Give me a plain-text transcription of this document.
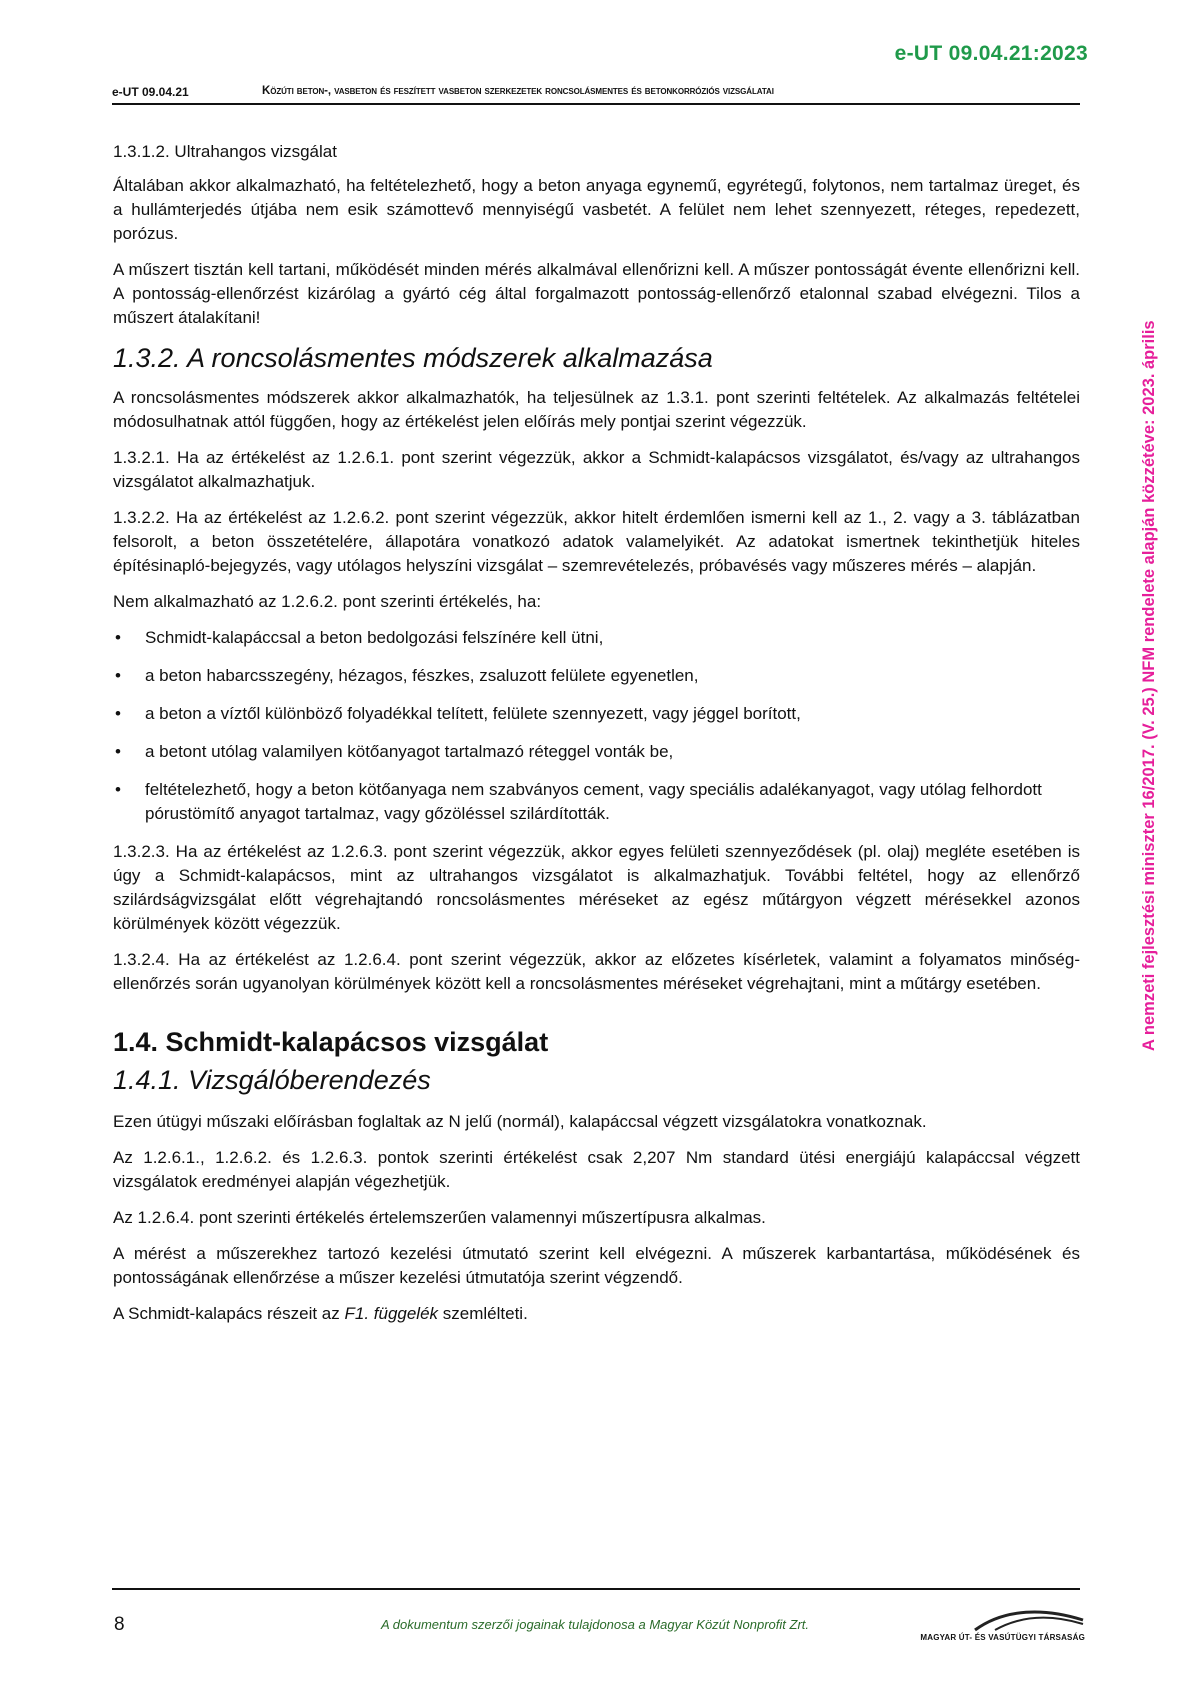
e-UT 09.04.21:2023
e-UT 09.04.21	Közúti beton-, vasbeton és feszített vasbeton szerkezetek roncsolásmentes és betonkorróziós vizsgálatai
A nemzeti fejlesztési miniszter 16/2017. (V. 25.) NFM rendelete alapján közzétéve: 2023. április

1.3.1.2. Ultrahangos vizsgálat

Általában akkor alkalmazható, ha feltételezhető, hogy a beton anyaga egynemű, egyrétegű, folytonos, nem tartalmaz üreget, és a hullámterjedés útjába nem esik számottevő mennyiségű vasbetét. A felület nem lehet szennyezett, réteges, repedezett, porózus.

A műszert tisztán kell tartani, működését minden mérés alkalmával ellenőrizni kell. A műszer pontosságát évente ellenőrizni kell. A pontosság-ellenőrzést kizárólag a gyártó cég által forgalmazott pontosság-ellenőrző etalonnal szabad elvégezni. Tilos a műszert átalakítani!

1.3.2. A roncsolásmentes módszerek alkalmazása

A roncsolásmentes módszerek akkor alkalmazhatók, ha teljesülnek az 1.3.1. pont szerinti feltételek. Az alkalmazás feltételei módosulhatnak attól függően, hogy az értékelést jelen előírás mely pontjai szerint végezzük.

1.3.2.1. Ha az értékelést az 1.2.6.1. pont szerint végezzük, akkor a Schmidt-kalapácsos vizsgálatot, és/vagy az ultrahangos vizsgálatot alkalmazhatjuk.

1.3.2.2. Ha az értékelést az 1.2.6.2. pont szerint végezzük, akkor hitelt érdemlően ismerni kell az 1., 2. vagy a 3. táblázatban felsorolt, a beton összetételére, állapotára vonatkozó adatok valamelyikét. Az adatokat ismertnek tekinthetjük hiteles építésinapló-bejegyzés, vagy utólagos helyszíni vizsgálat – szemrevételezés, próbavésés vagy műszeres mérés – alapján.

Nem alkalmazható az 1.2.6.2. pont szerinti értékelés, ha:

• Schmidt-kalapáccsal a beton bedolgozási felszínére kell ütni,
• a beton habarcsszegény, hézagos, fészkes, zsaluzott felülete egyenetlen,
• a beton a víztől különböző folyadékkal telített, felülete szennyezett, vagy jéggel borított,
• a betont utólag valamilyen kötőanyagot tartalmazó réteggel vonták be,
• feltételezhető, hogy a beton kötőanyaga nem szabványos cement, vagy speciális adalékanyagot, vagy utólag felhordott pórustömítő anyagot tartalmaz, vagy gőzöléssel szilárdították.

1.3.2.3. Ha az értékelést az 1.2.6.3. pont szerint végezzük, akkor egyes felületi szennyeződések (pl. olaj) megléte esetében is úgy a Schmidt-kalapácsos, mint az ultrahangos vizsgálatot is alkalmazhatjuk. További feltétel, hogy az ellenőrző szilárdságvizsgálat előtt végrehajtandó roncsolásmentes méréseket az egész műtárgyon végzett mérésekkel azonos körülmények között végezzük.

1.3.2.4. Ha az értékelést az 1.2.6.4. pont szerint végezzük, akkor az előzetes kísérletek, valamint a folyamatos minőség-ellenőrzés során ugyanolyan körülmények között kell a roncsolásmentes méréseket végrehajtani, mint a műtárgy esetében.

1.4. Schmidt-kalapácsos vizsgálat
1.4.1. Vizsgálóberendezés

Ezen útügyi műszaki előírásban foglaltak az N jelű (normál), kalapáccsal végzett vizsgálatokra vonatkoznak.

Az 1.2.6.1., 1.2.6.2. és 1.2.6.3. pontok szerinti értékelést csak 2,207 Nm standard ütési energiájú kalapáccsal végzett vizsgálatok eredményei alapján végezhetjük.

Az 1.2.6.4. pont szerinti értékelés értelemszerűen valamennyi műszertípusra alkalmas.

A mérést a műszerekhez tartozó kezelési útmutató szerint kell elvégezni. A műszerek karbantartása, működésének és pontosságának ellenőrzése a műszer kezelési útmutatója szerint végzendő.

A Schmidt-kalapács részeit az F1. függelék szemlélteti.

8	A dokumentum szerzői jogainak tulajdonosa a Magyar Közút Nonprofit Zrt.
MAGYAR ÚT- ÉS VASÚTÜGYI TÁRSASÁG
